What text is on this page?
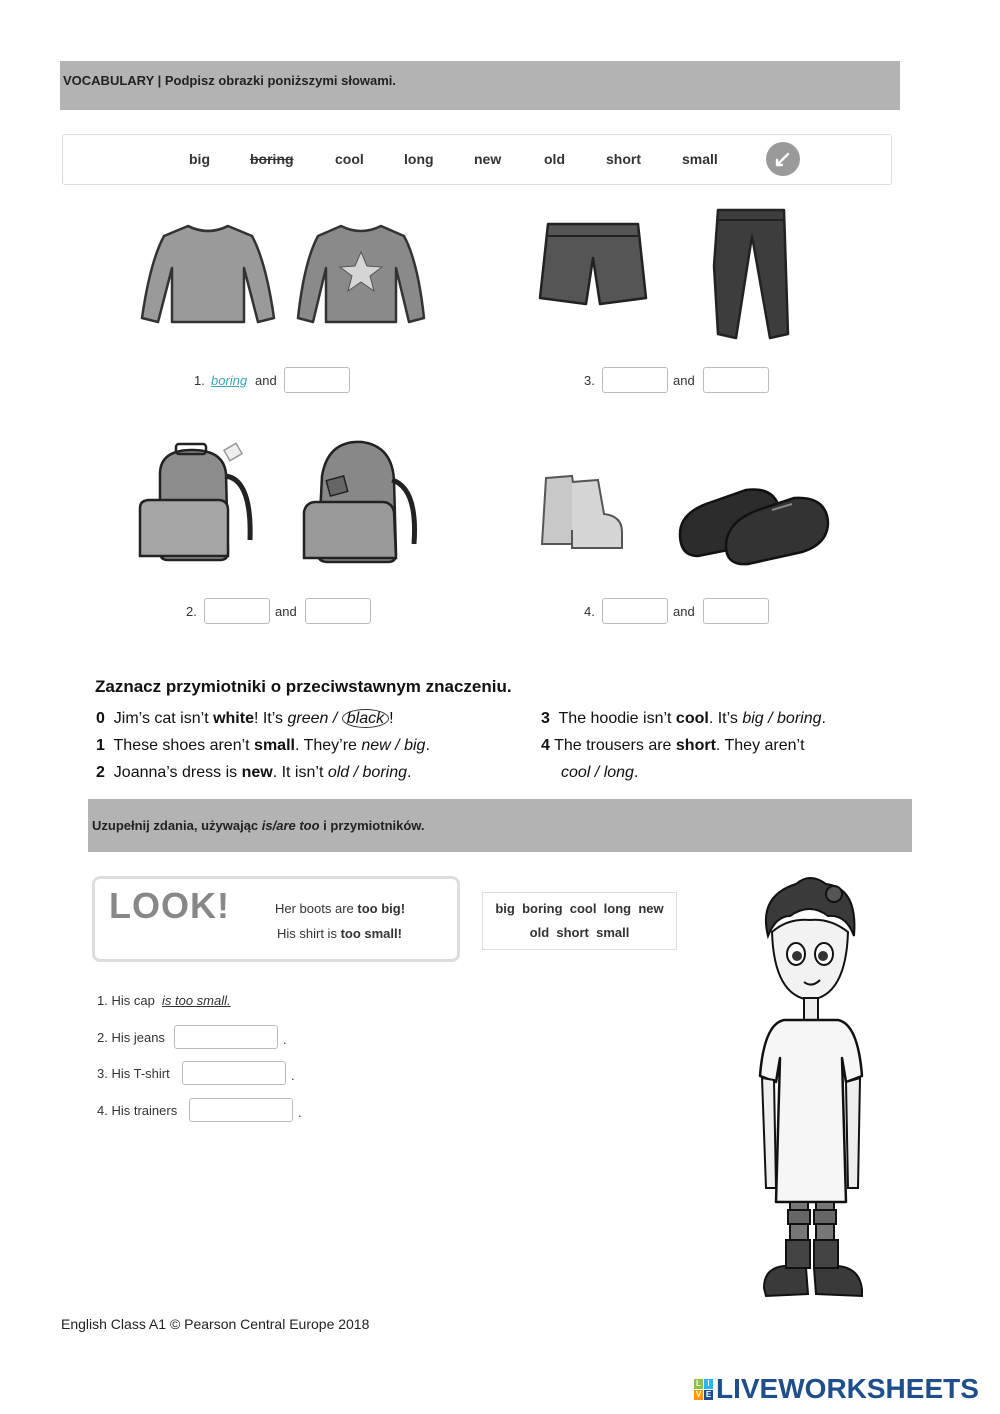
VOCABULARY | Podpisz obrazki poniższymi słowami.
big	boring	cool	long	new	old	short	small
1. boring and	3.	and
2.	and	4.	and
Zaznacz przymiotniki o przeciwstawnym znaczeniu.
0 Jim’s cat isn’t white! It’s green / black !
1 These shoes aren’t small. They’re new / big.
2 Joanna’s dress is new. It isn’t old / boring.
3 The hoodie isn’t cool. It’s big / boring.
4 The trousers are short. They aren’t
cool / long.
Uzupełnij zdania, używając is/are too i przymiotników.
LOOK!	Her boots are too big!
His shirt is too small!
big  boring  cool  long  new
old  short  small
1. His cap is too small.
2. His jeans	.
3. His T-shirt	.
4. His trainers	.
English Class A1 © Pearson Central Europe 2018
L I
V E LIVEWORKSHEETS
